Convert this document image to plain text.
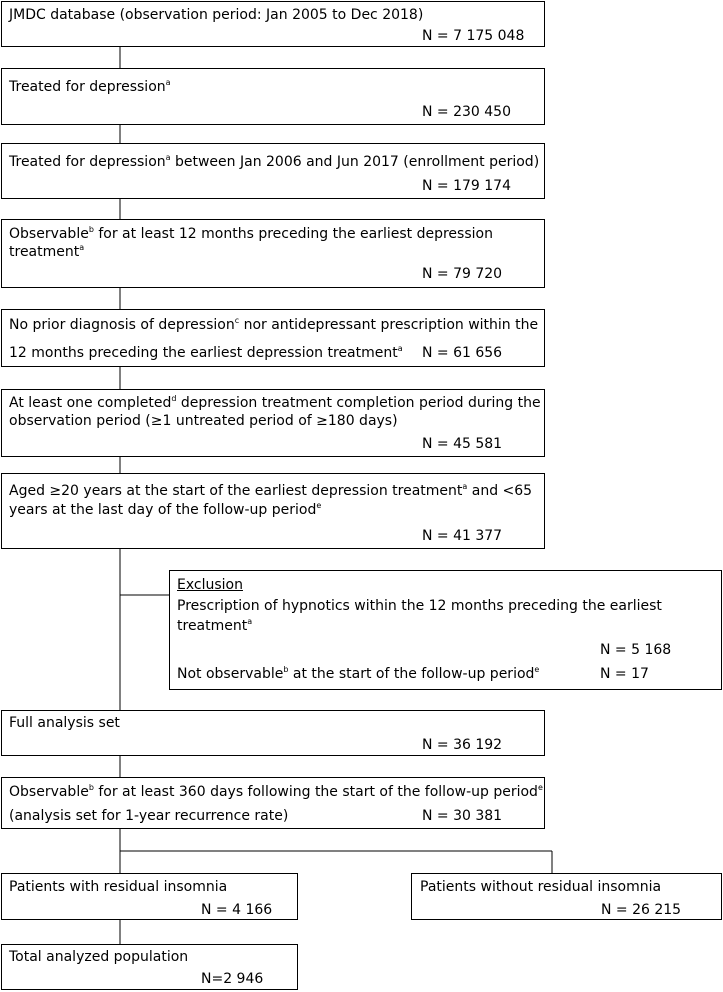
JMDC database (observation period: Jan 2005 to Dec 2018)
N = 7 175 048
Treated for depression$^a$
N = 230 450
Treated for depression$^a$ between Jan 2006 and Jun 2017 (enrollment period)
N = 179 174
Observable$^b$ for at least 12 months preceding the earliest depression
treatment$^a$
N = 79 720
No prior diagnosis of depression$^c$ nor antidepressant prescription within the
12 months preceding the earliest depression treatment$^a$ N = 61 656
At least one completed$^d$ depression treatment completion period during the
observation period (≥1 untreated period of ≥180 days)
N = 45 581
Aged ≥20 years at the start of the earliest depression treatment$^a$ and <65
years at the last day of the follow-up period$^e$
N = 41 377
Exclusion
Prescription of hypnotics within the 12 months preceding the earliest
treatment$^a$
N = 5 168
Not observable$^b$ at the start of the follow-up period$^e$	N = 17
Full analysis set
N = 36 192
Observable$^b$ for at least 360 days following the start of the follow-up period$^e$
(analysis set for 1-year recurrence rate)	N = 30 381
Patients with residual insomnia
N = 4 166
Patients without residual insomnia
N = 26 215
Total analyzed population
N=2 946
